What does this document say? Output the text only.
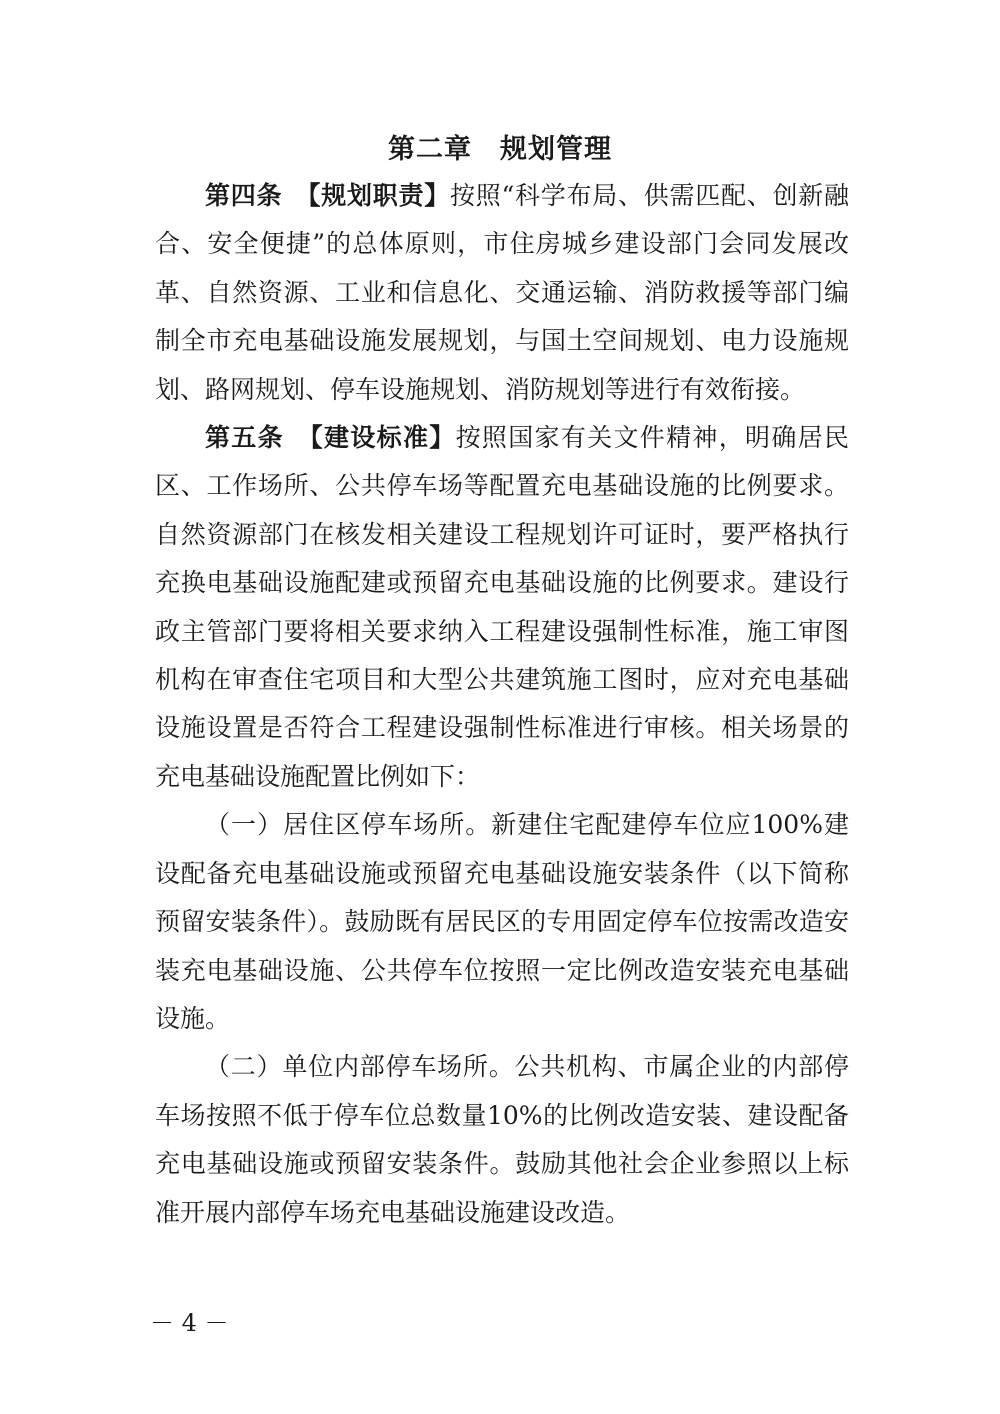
第二章　规划管理

第四条　【规划职责】按照“科学布局、供需匹配、创新融合、安全便捷”的总体原则，市住房城乡建设部门会同发展改革、自然资源、工业和信息化、交通运输、消防救援等部门编制全市充电基础设施发展规划，与国土空间规划、电力设施规划、路网规划、停车设施规划、消防规划等进行有效衔接。

第五条　【建设标准】按照国家有关文件精神，明确居民区、工作场所、公共停车场等配置充电基础设施的比例要求。自然资源部门在核发相关建设工程规划许可证时，要严格执行充换电基础设施配建或预留充电基础设施的比例要求。建设行政主管部门要将相关要求纳入工程建设强制性标准，施工审图机构在审查住宅项目和大型公共建筑施工图时，应对充电基础设施设置是否符合工程建设强制性标准进行审核。相关场景的充电基础设施配置比例如下：

（一）居住区停车场所。新建住宅配建停车位应100%建设配备充电基础设施或预留充电基础设施安装条件（以下简称预留安装条件）。鼓励既有居民区的专用固定停车位按需改造安装充电基础设施、公共停车位按照一定比例改造安装充电基础设施。

（二）单位内部停车场所。公共机构、市属企业的内部停车场按照不低于停车位总数量10%的比例改造安装、建设配备充电基础设施或预留安装条件。鼓励其他社会企业参照以上标准开展内部停车场充电基础设施建设改造。

－ 4 －
